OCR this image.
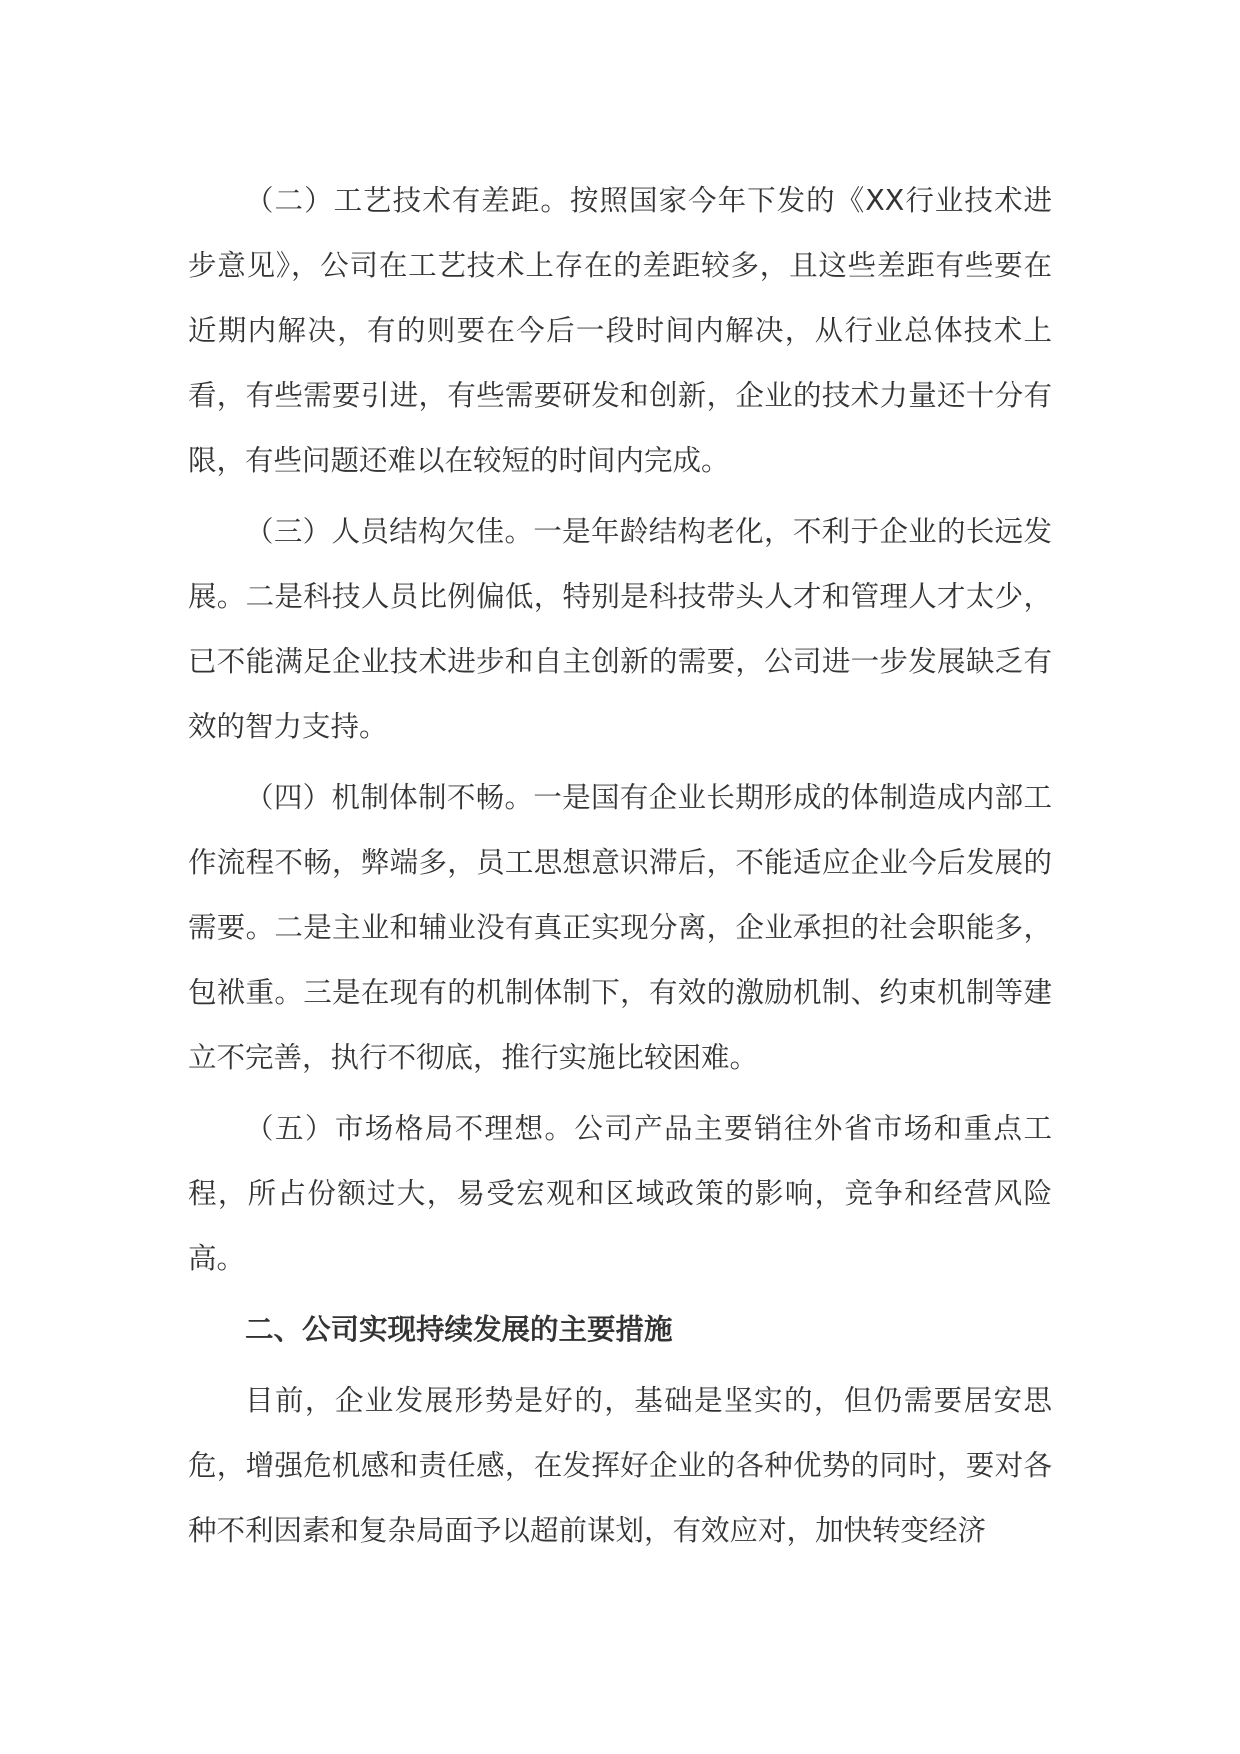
（二）工艺技术有差距。按照国家今年下发的《XX行业技术进步意见》，公司在工艺技术上存在的差距较多，且这些差距有些要在近期内解决，有的则要在今后一段时间内解决，从行业总体技术上看，有些需要引进，有些需要研发和创新，企业的技术力量还十分有限，有些问题还难以在较短的时间内完成。

（三）人员结构欠佳。一是年龄结构老化，不利于企业的长远发展。二是科技人员比例偏低，特别是科技带头人才和管理人才太少，已不能满足企业技术进步和自主创新的需要，公司进一步发展缺乏有效的智力支持。

（四）机制体制不畅。一是国有企业长期形成的体制造成内部工作流程不畅，弊端多，员工思想意识滞后，不能适应企业今后发展的需要。二是主业和辅业没有真正实现分离，企业承担的社会职能多，包袱重。三是在现有的机制体制下，有效的激励机制、约束机制等建立不完善，执行不彻底，推行实施比较困难。

（五）市场格局不理想。公司产品主要销往外省市场和重点工程，所占份额过大，易受宏观和区域政策的影响，竞争和经营风险高。

二、公司实现持续发展的主要措施

目前，企业发展形势是好的，基础是坚实的，但仍需要居安思危，增强危机感和责任感，在发挥好企业的各种优势的同时，要对各种不利因素和复杂局面予以超前谋划，有效应对，加快转变经济
